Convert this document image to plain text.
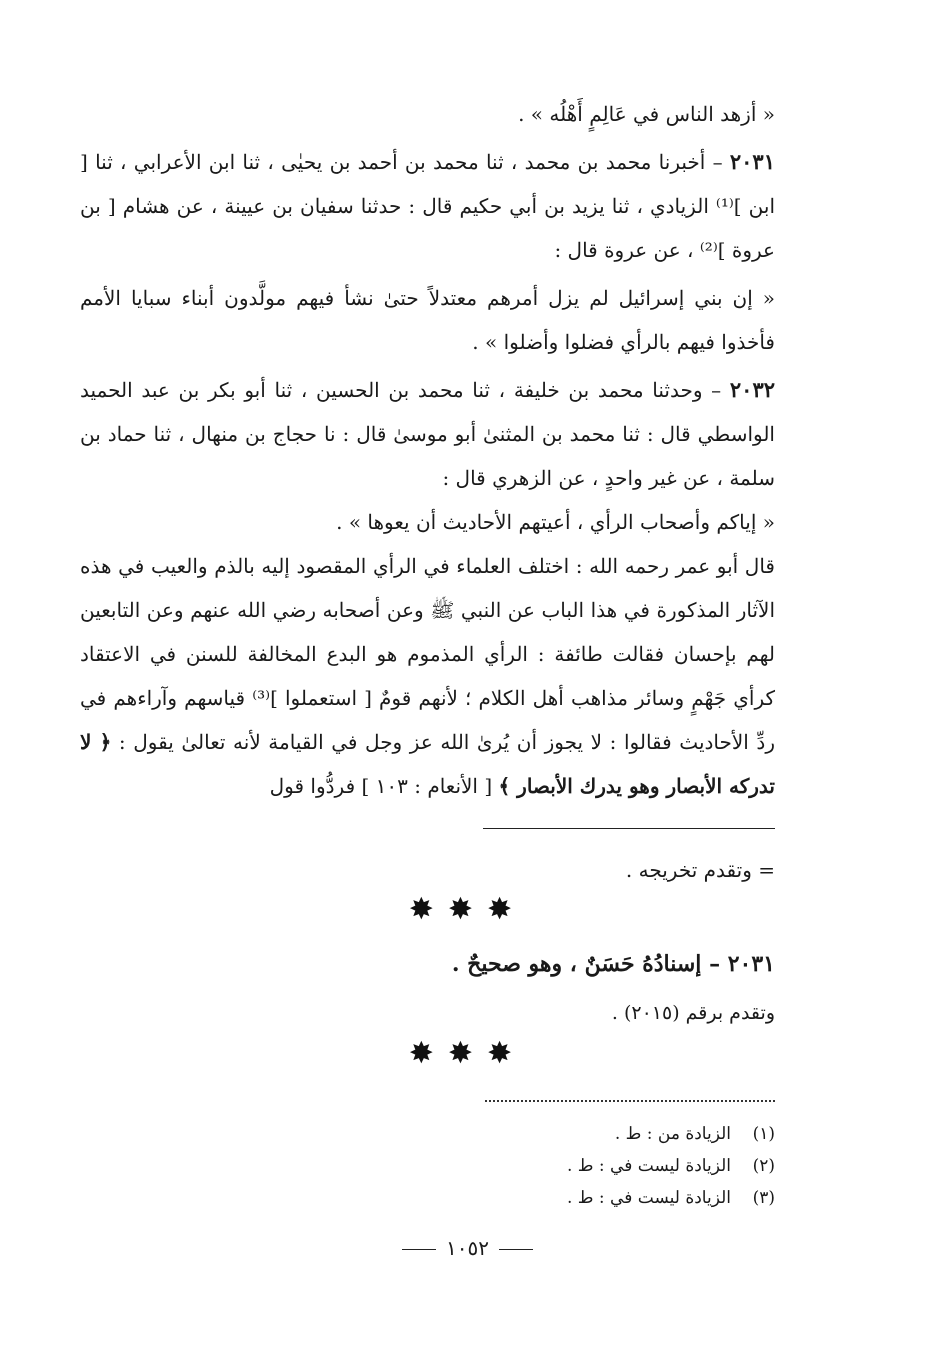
« أزهد الناس في عَالِمٍ أَهْلُه » .

٢٠٣١ – أخبرنا محمد بن محمد ، ثنا محمد بن أحمد بن يحيٰى ، ثنا ابن الأعرابي ، ثنا [ ابن ]⁽¹⁾ الزيادي ، ثنا يزيد بن أبي حكيم قال : حدثنا سفيان بن عيينة ، عن هشام [ بن عروة ]⁽²⁾ ، عن عروة قال :

« إن بني إسرائيل لم يزل أمرهم معتدلاً حتىٰ نشأ فيهم مولَّدون أبناء سبايا الأمم فأخذوا فيهم بالرأي فضلوا وأضلوا » .

٢٠٣٢ – وحدثنا محمد بن خليفة ، ثنا محمد بن الحسين ، ثنا أبو بكر بن عبد الحميد الواسطي قال : ثنا محمد بن المثنىٰ أبو موسىٰ قال : نا حجاج بن منهال ، ثنا حماد بن سلمة ، عن غير واحدٍ ، عن الزهري قال :

« إياكم وأصحاب الرأي ، أعيتهم الأحاديث أن يعوها » .

قال أبو عمر رحمه الله : اختلف العلماء في الرأي المقصود إليه بالذم والعيب في هذه الآثار المذكورة في هذا الباب عن النبي ﷺ وعن أصحابه رضي الله عنهم وعن التابعين لهم بإحسان فقالت طائفة : الرأي المذموم هو البدع المخالفة للسنن في الاعتقاد كرأي جَهْمٍ وسائر مذاهب أهل الكلام ؛ لأنهم قومٌ [ استعملوا ]⁽³⁾ قياسهم وآراءهم في ردِّ الأحاديث فقالوا : لا يجوز أن يُرىٰ الله عز وجل في القيامة لأنه تعالىٰ يقول : ﴿ لا تدركه الأبصار وهو يدرك الأبصار ﴾ [ الأنعام : ١٠٣ ] فردُّوا قول

= وتقدم تخريجه .
✸✸✸
٢٠٣١ – إسنادُهُ حَسَنٌ ، وهو صحيحٌ .
وتقدم برقم (٢٠١٥) .
✸✸✸
(١)الزيادة من : ط .
(٢)الزيادة ليست في : ط .
(٣)الزيادة ليست في : ط .
١٠٥٢
